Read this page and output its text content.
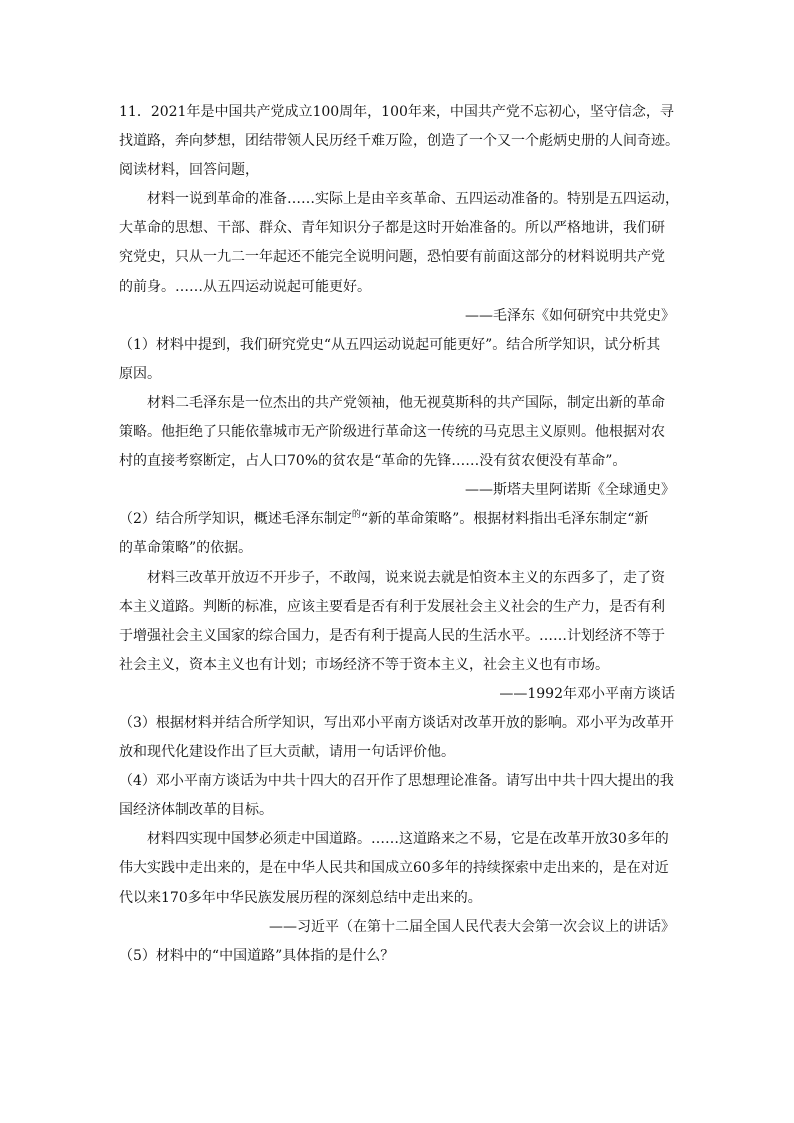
11．2021年是中国共产党成立100周年，100年来，中国共产党不忘初心，坚守信念，寻
找道路，奔向梦想，团结带领人民历经千难万险，创造了一个又一个彪炳史册的人间奇迹。
阅读材料，回答问题，
材料一说到革命的准备……实际上是由辛亥革命、五四运动准备的。特别是五四运动，
大革命的思想、干部、群众、青年知识分子都是这时开始准备的。所以严格地讲，我们研
究党史，只从一九二一年起还不能完全说明问题，恐怕要有前面这部分的材料说明共产党
的前身。……从五四运动说起可能更好。
——毛泽东《如何研究中共党史》
（1）材料中提到，我们研究党史“从五四运动说起可能更好”。结合所学知识，试分析其
原因。
材料二毛泽东是一位杰出的共产党领袖，他无视莫斯科的共产国际，制定出新的革命
策略。他拒绝了只能依靠城市无产阶级进行革命这一传统的马克思主义原则。他根据对农
村的直接考察断定，占人口70%的贫农是“革命的先锋……没有贫农便没有革命”。
——斯塔夫里阿诺斯《全球通史》
（2）结合所学知识，概述毛泽东制定$^的$“新的革命策略”。根据材料指出毛泽东制定“新
的革命策略”的依据。
材料三改革开放迈不开步子，不敢闯，说来说去就是怕资本主义的东西多了，走了资
本主义道路。判断的标准，应该主要看是否有利于发展社会主义社会的生产力，是否有利
于增强社会主义国家的综合国力，是否有利于提高人民的生活水平。……计划经济不等于
社会主义，资本主义也有计划；市场经济不等于资本主义，社会主义也有市场。
——1992年邓小平南方谈话
（3）根据材料并结合所学知识，写出邓小平南方谈话对改革开放的影响。邓小平为改革开
放和现代化建设作出了巨大贡献，请用一句话评价他。
（4）邓小平南方谈话为中共十四大的召开作了思想理论准备。请写出中共十四大提出的我
国经济体制改革的目标。
材料四实现中国梦必须走中国道路。……这道路来之不易，它是在改革开放30多年的
伟大实践中走出来的，是在中华人民共和国成立60多年的持续探索中走出来的，是在对近
代以来170多年中华民族发展历程的深刻总结中走出来的。
——习近平（在第十二届全国人民代表大会第一次会议上的讲话》
（5）材料中的“中国道路”具体指的是什么？
